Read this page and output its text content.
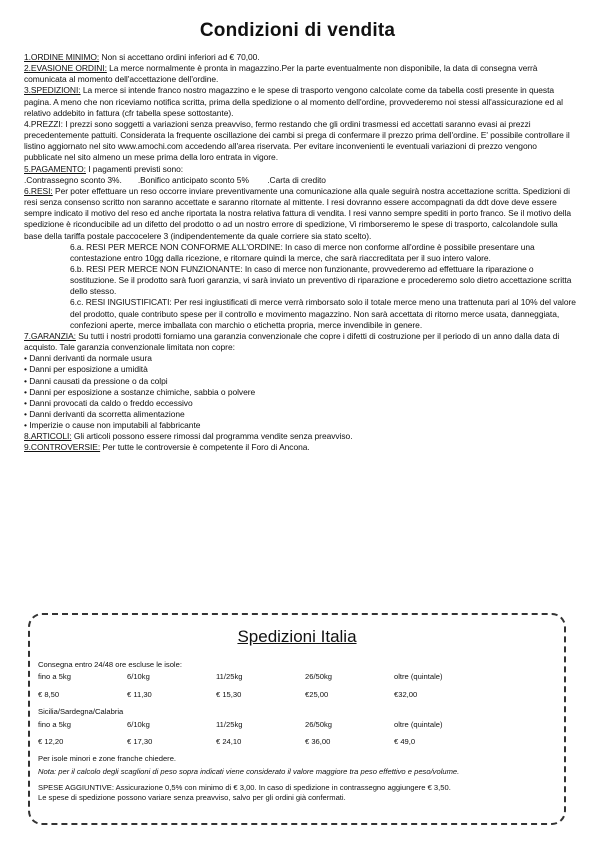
Condizioni di vendita

1.ORDINE MINIMO: Non si accettano ordini inferiori ad € 70,00.

2.EVASIONE ORDINI: La merce normalmente è pronta in magazzino.Per la parte eventualmente non disponibile, la data di consegna verrà comunicata al momento dell'accettazione dell'ordine.

3.SPEDIZIONI: La merce si intende franco nostro magazzino e le spese di trasporto vengono calcolate come da tabella costi presente in questa pagina. A meno che non riceviamo notifica scritta, prima della spedizione o al momento dell'ordine, provvederemo noi stessi all'assicurazione ed al relativo addebito in fattura (cfr tabella spese sottostante).

4.PREZZI: I prezzi sono soggetti a variazioni senza preavviso, fermo restando che gli ordini trasmessi ed accettati saranno evasi ai prezzi precedentemente pattuiti. Considerata la frequente oscillazione dei cambi si prega di confermare il prezzo prima dell'ordine. E' possibile controllare il listino aggiornato nel sito www.amochi.com accedendo all'area riservata. Per evitare inconvenienti le eventuali variazioni di prezzo vengono pubblicate nel sito almeno un mese prima della loro entrata in vigore.

5.PAGAMENTO: I pagamenti previsti sono:

.Contrassegno sconto 3%.       .Bonifico anticipato sconto 5%        .Carta di credito

6.RESI: Per poter effettuare un reso occorre inviare preventivamente una comunicazione alla quale seguirà nostra accettazione scritta. Spedizioni di resi senza consenso scritto non saranno accettate e saranno ritornate al mittente. I resi dovranno essere accompagnati da ddt dove deve essere sempre indicato il motivo del reso ed anche riportata la nostra relativa fattura di vendita. I resi vanno sempre spediti in porto franco. Se il motivo della spedizione è riconducibile ad un difetto del prodotto o ad un nostro errore di spedizione, Vi rimborseremo le spese di trasporto, calcolandole sulla base della tariffa postale paccocelere 3 (indipendentemente da quale corriere sia stato scelto).

6.a. RESI PER MERCE NON CONFORME ALL'ORDINE: In caso di merce non conforme all'ordine è possibile presentare una contestazione entro 10gg dalla ricezione, e ritornare quindi la merce, che sarà riaccreditata per il suo intero valore.

6.b. RESI PER MERCE NON FUNZIONANTE: In caso di merce non funzionante, provvederemo ad effettuare la riparazione o sostituzione. Se il prodotto sarà fuori garanzia, vi sarà inviato un preventivo di riparazione e procederemo solo dietro accettazione scritta dello stesso.

6.c. RESI INGIUSTIFICATI: Per resi ingiustificati di merce verrà rimborsato solo il totale merce meno una trattenuta pari al 10% del valore del prodotto, quale contributo spese per il controllo e movimento magazzino. Non sarà accettata di ritorno merce usata, danneggiata, confezioni aperte, merce imballata con marchio o etichetta propria, merce invendibile in genere.

7.GARANZIA: Su tutti i nostri prodotti forniamo una garanzia convenzionale che copre i difetti di costruzione per il periodo di un anno dalla data di acquisto. Tale garanzia convenzionale limitata non copre:

• Danni derivanti da normale usura
• Danni per esposizione a umidità
• Danni causati da pressione o da colpi
• Danni per esposizione a sostanze chimiche, sabbia o polvere
• Danni provocati da caldo o freddo eccessivo
• Danni derivanti da scorretta alimentazione
• Imperizie o cause non imputabili al fabbricante

8.ARTICOLI: Gli articoli possono essere rimossi dal programma vendite senza preavviso.

9.CONTROVERSIE: Per tutte le controversie è competente il Foro di Ancona.

Spedizioni Italia

Consegna entro 24/48 ore escluse le isole:

fino a 5kg	6/10kg	11/25kg	26/50kg	oltre (quintale)
€ 8,50	€ 11,30	€ 15,30	€25,00	€32,00

Sicilia/Sardegna/Calabria

fino a 5kg	6/10kg	11/25kg	26/50kg	oltre (quintale)
€ 12,20	€ 17,30	€ 24,10	€ 36,00	€ 49,0

Per isole minori e zone franche chiedere.

Nota: per il calcolo degli scaglioni di peso sopra indicati viene considerato il valore maggiore tra peso effettivo e peso/volume.

SPESE AGGIUNTIVE: Assicurazione 0,5% con minimo di € 3,00. In caso di spedizione in contrassegno aggiungere € 3,50.

Le spese di spedizione possono variare senza preavviso, salvo per gli ordini già confermati.
